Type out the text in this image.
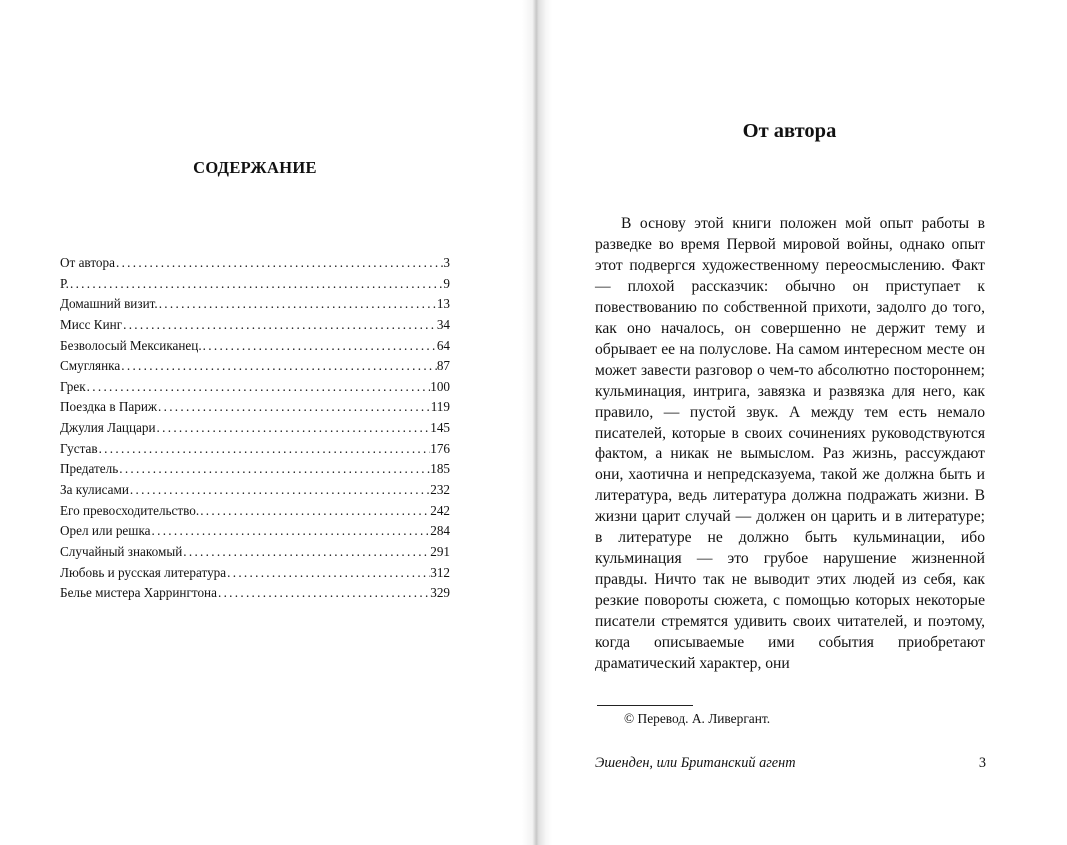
СОДЕРЖАНИЕ
От автора . . .	3
Р. . . .	9
Домашний визит. . . .	13
Мисс Кинг . . .	34
Безволосый Мексиканец. . . .	64
Смуглянка . . .	87
Грек . . .	100
Поездка в Париж . . .	119
Джулия Лаццари . . .	145
Густав . . .	176
Предатель . . .	185
За кулисами . . .	232
Его превосходительство. . . .	242
Орел или решка . . .	284
Случайный знакомый . . .	291
Любовь и русская литература . . .	312
Белье мистера Харрингтона . . .	329
От автора

В основу этой книги положен мой опыт работы в разведке во время Первой мировой войны, однако опыт этот подвергся художественному переосмыслению. Факт — плохой рассказчик: обычно он приступает к повествованию по собственной прихоти, задолго до того, как оно началось, он совершенно не держит тему и обрывает ее на полуслове. На самом интересном месте он может завести разговор о чем-то абсолютно постороннем; кульминация, интрига, завязка и развязка для него, как правило, — пустой звук. А между тем есть немало писателей, которые в своих сочинениях руководствуются фактом, а никак не вымыслом. Раз жизнь, рассуждают они, хаотична и непредсказуема, такой же должна быть и литература, ведь литература должна подражать жизни. В жизни царит случай — должен он царить и в литературе; в литературе не должно быть кульминации, ибо кульминация — это грубое нарушение жизненной правды. Ничто так не выводит этих людей из себя, как резкие повороты сюжета, с помощью которых некоторые писатели стремятся удивить своих читателей, и поэтому, когда описываемые ими события приобретают драматический характер, они

© Перевод. А. Ливергант.
Эшенден, или Британский агент	3
